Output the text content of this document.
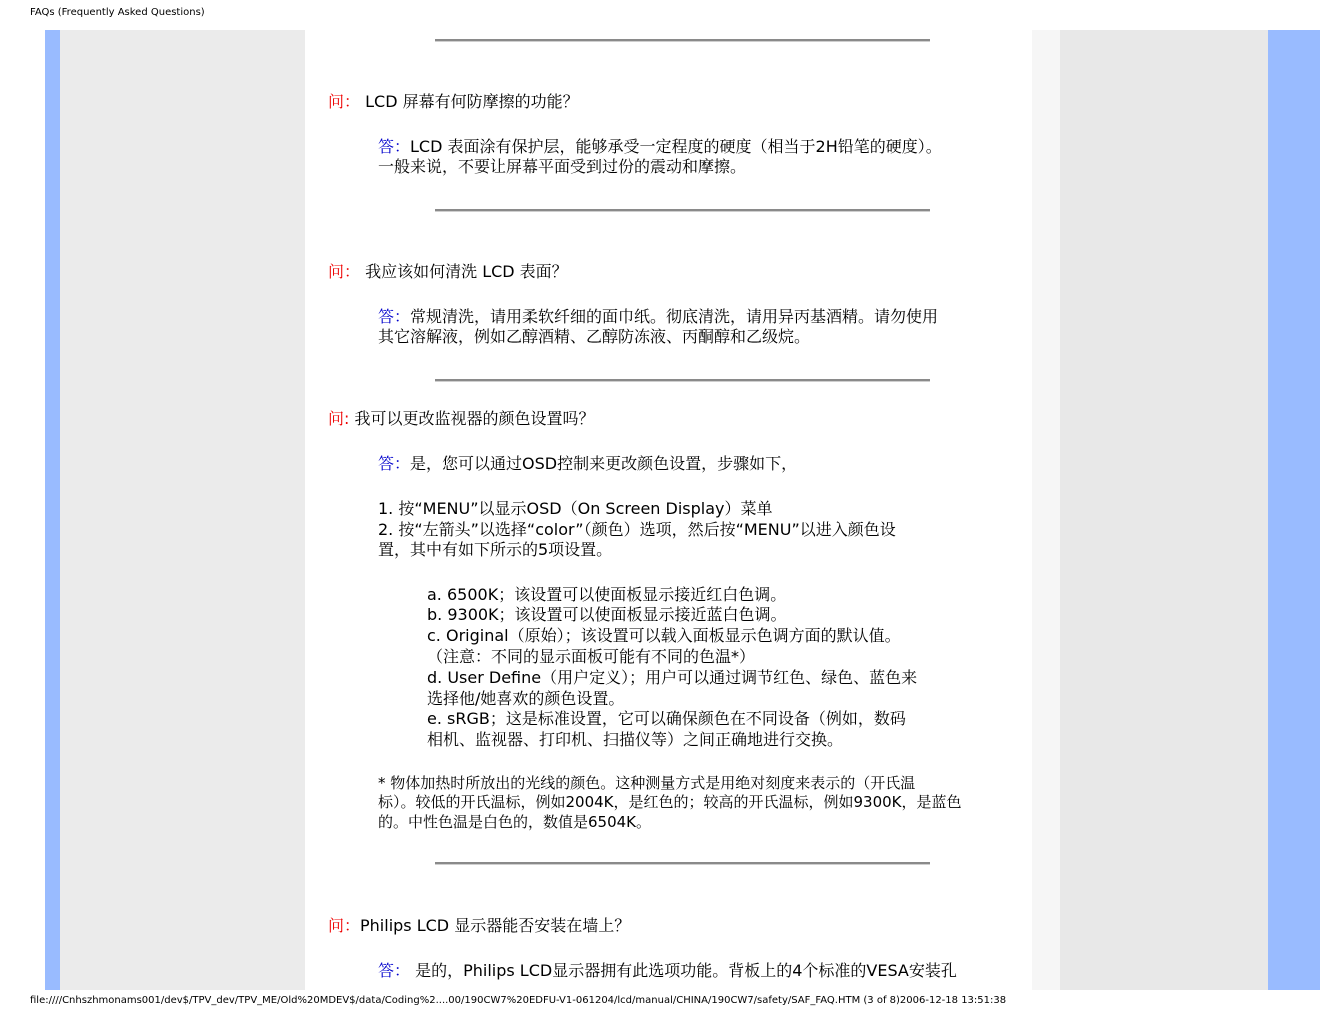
FAQs (Frequently Asked Questions)
问： LCD 屏幕有何防摩擦的功能？
答：LCD 表面涂有保护层，能够承受一定程度的硬度（相当于2H铅笔的硬度）。
一般来说，不要让屏幕平面受到过份的震动和摩擦。
问： 我应该如何清洗 LCD 表面？
答：常规清洗，请用柔软纤细的面巾纸。彻底清洗，请用异丙基酒精。请勿使用
其它溶解液，例如乙醇酒精、乙醇防冻液、丙酮醇和乙级烷。
问: 我可以更改监视器的颜色设置吗？
答：是，您可以通过OSD控制来更改颜色设置，步骤如下，
1. 按“MENU”以显示OSD（On Screen Display）菜单
2. 按“左箭头”以选择“color”（颜色）选项，然后按“MENU”以进入颜色设
置，其中有如下所示的5项设置。
a. 6500K；该设置可以使面板显示接近红白色调。
b. 9300K；该设置可以使面板显示接近蓝白色调。
c. Original（原始）；该设置可以载入面板显示色调方面的默认值。
（注意：不同的显示面板可能有不同的色温*）
d. User Define（用户定义）；用户可以通过调节红色、绿色、蓝色来
选择他/她喜欢的颜色设置。
e. sRGB；这是标准设置，它可以确保颜色在不同设备（例如，数码
相机、监视器、打印机、扫描仪等）之间正确地进行交换。
* 物体加热时所放出的光线的颜色。这种测量方式是用绝对刻度来表示的（开氏温
标）。较低的开氏温标，例如2004K，是红色的；较高的开氏温标，例如9300K，是蓝色
的。中性色温是白色的，数值是6504K。
问：Philips LCD 显示器能否安装在墙上？
答： 是的，Philips LCD显示器拥有此选项功能。背板上的4个标准的VESA安装孔
file:////Cnhszhmonams001/dev$/TPV_dev/TPV_ME/Old%20MDEV$/data/Coding%2....00/190CW7%20EDFU-V1-061204/lcd/manual/CHINA/190CW7/safety/SAF_FAQ.HTM (3 of 8)2006-12-18 13:51:38
